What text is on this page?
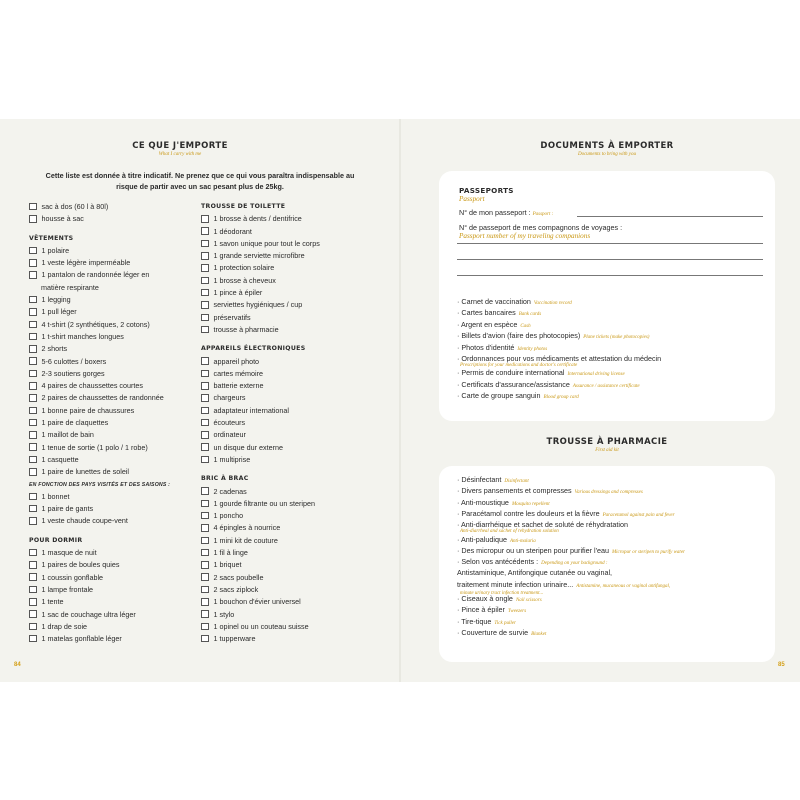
CE QUE J'EMPORTE
What I carry with me
Cette liste est donnée à titre indicatif. Ne prenez que ce qui vous paraîtra indispensable au risque de partir avec un sac pesant plus de 25kg.
sac à dos (60 l à 80l)
housse à sac
VÊTEMENTS
1 polaire
1 veste légère imperméable
1 pantalon de randonnée léger en
matière respirante
1 legging
1 pull léger
4 t-shirt (2 synthétiques, 2 cotons)
1 t-shirt manches longues
2 shorts
5-6 culottes / boxers
2-3 soutiens gorges
4 paires de chaussettes courtes
2 paires de chaussettes de randonnée
1 bonne paire de chaussures
1 paire de claquettes
1 maillot de bain
1 tenue de sortie (1 polo / 1 robe)
1 casquette
1 paire de lunettes de soleil
EN FONCTION DES PAYS VISITÉS ET DES SAISONS :
1 bonnet
1 paire de gants
1 veste chaude coupe-vent
POUR DORMIR
1 masque de nuit
1 paires de boules quies
1 coussin gonflable
1 lampe frontale
1 tente
1 sac de couchage ultra léger
1 drap de soie
1 matelas gonflable léger
TROUSSE DE TOILETTE
1 brosse à dents / dentifrice
1 déodorant
1 savon unique pour tout le corps
1 grande serviette microfibre
1 protection solaire
1 brosse à cheveux
1 pince à épiler
serviettes hygiéniques / cup
préservatifs
trousse à pharmacie
APPAREILS ÉLECTRONIQUES
appareil photo
cartes mémoire
batterie externe
chargeurs
adaptateur international
écouteurs
ordinateur
un disque dur externe
1 multiprise
BRIC À BRAC
2 cadenas
1 gourde filtrante ou un steripen
1 poncho
4 épingles à nourrice
1 mini kit de couture
1 fil à linge
1 briquet
2 sacs poubelle
2 sacs ziplock
1 bouchon d'évier universel
1 stylo
1 opinel ou un couteau suisse
1 tupperware
84	85
DOCUMENTS À EMPORTER
Documents to bring with you
PASSEPORTS
Passport
N° de mon passeport : Passport :
N° de passeport de mes compagnons de voyages :
Passport number of my traveling companions
· Carnet de vaccination Vaccination record
· Cartes bancaires Bank cards
· Argent en espèce Cash
· Billets d'avion (faire des photocopies) Plane tickets (make photocopies)
· Photos d'identité Identity photos
· Ordonnances pour vos médicaments et attestation du médecin
Prescriptions for your medications and doctor's certificate
· Permis de conduire international International driving license
· Certificats d'assurance/assistance Assurance / assistance certificate
· Carte de groupe sanguin Blood group card
TROUSSE À PHARMACIE
First aid kit
· Désinfectant Disinfectant
· Divers pansements et compresses Various dressings and compresses
· Anti-moustique Mosquito repellent
· Paracétamol contre les douleurs et la fièvre Paracetamol against pain and fever
· Anti-diarrhéique et sachet de soluté de réhydratation
Anti-diarrheal and sachet of rehydration solution
· Anti-paludique Anti-malaria
· Des micropur ou un steripen pour purifier l'eau Micropur or steripen to purify water
· Selon vos antécédents : Depending on your background :
Antistaminique, Antifongique cutanée ou vaginal,
traitement minute infection urinaire... Antistamine, mucaneous or vaginal antifungal,
minute urinary tract infection treatment...
· Ciseaux à ongle Nail scissors
· Pince à épiler Tweezers
· Tire-tique Tick puller
· Couverture de survie Blanket
